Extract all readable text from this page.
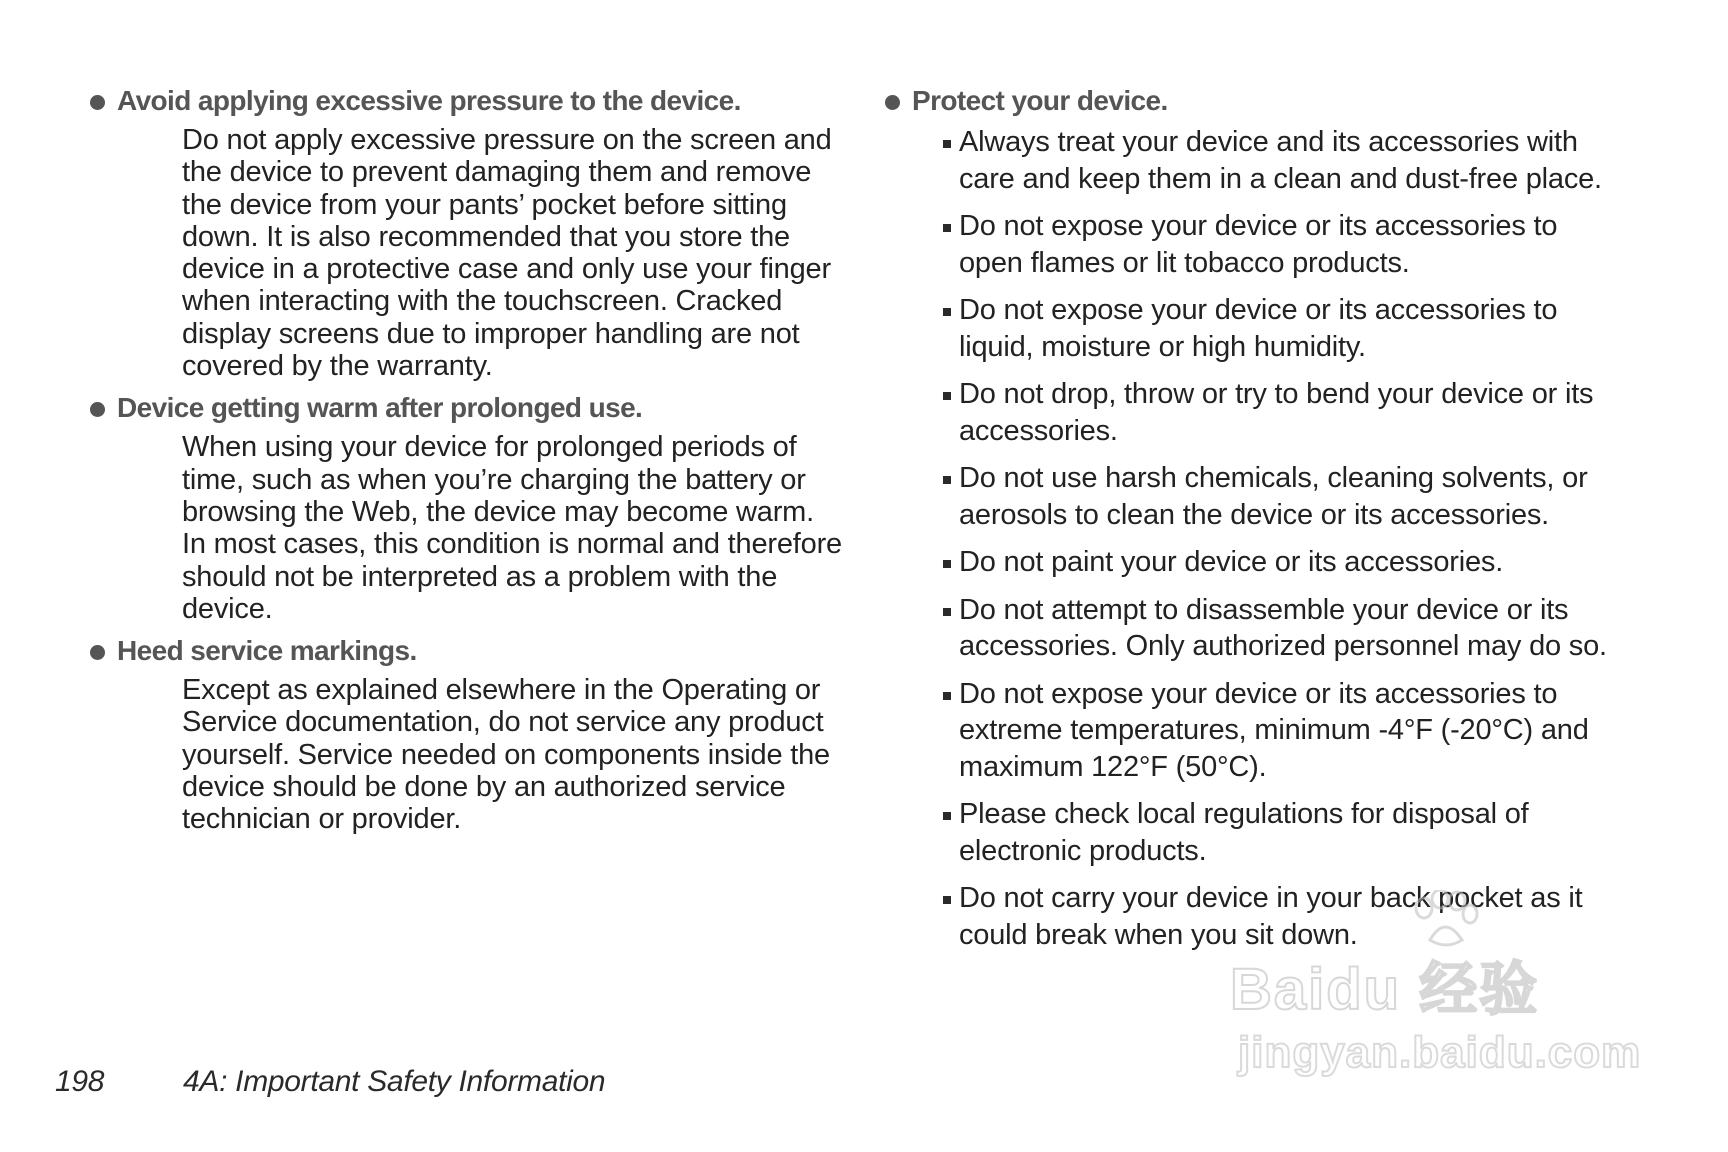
Avoid applying excessive pressure to the device.

Do not apply excessive pressure on the screen and the device to prevent damaging them and remove the device from your pants’ pocket before sitting down. It is also recommended that you store the device in a protective case and only use your finger when interacting with the touchscreen. Cracked display screens due to improper handling are not covered by the warranty.

Device getting warm after prolonged use.

When using your device for prolonged periods of time, such as when you’re charging the battery or browsing the Web, the device may become warm. In most cases, this condition is normal and therefore should not be interpreted as a problem with the device.

Heed service markings.

Except as explained elsewhere in the Operating or Service documentation, do not service any product yourself. Service needed on components inside the device should be done by an authorized service technician or provider.

Protect your device.

Always treat your device and its accessories with care and keep them in a clean and dust-free place.
Do not expose your device or its accessories to open flames or lit tobacco products.
Do not expose your device or its accessories to liquid, moisture or high humidity.
Do not drop, throw or try to bend your device or its accessories.
Do not use harsh chemicals, cleaning solvents, or aerosols to clean the device or its accessories.
Do not paint your device or its accessories.
Do not attempt to disassemble your device or its accessories. Only authorized personnel may do so.
Do not expose your device or its accessories to extreme temperatures, minimum -4°F (-20°C) and maximum 122°F (50°C).
Please check local regulations for disposal of electronic products.
Do not carry your device in your back pocket as it could break when you sit down.
198	4A: Important Safety Information
Baidu 经验
jingyan.baidu.com
